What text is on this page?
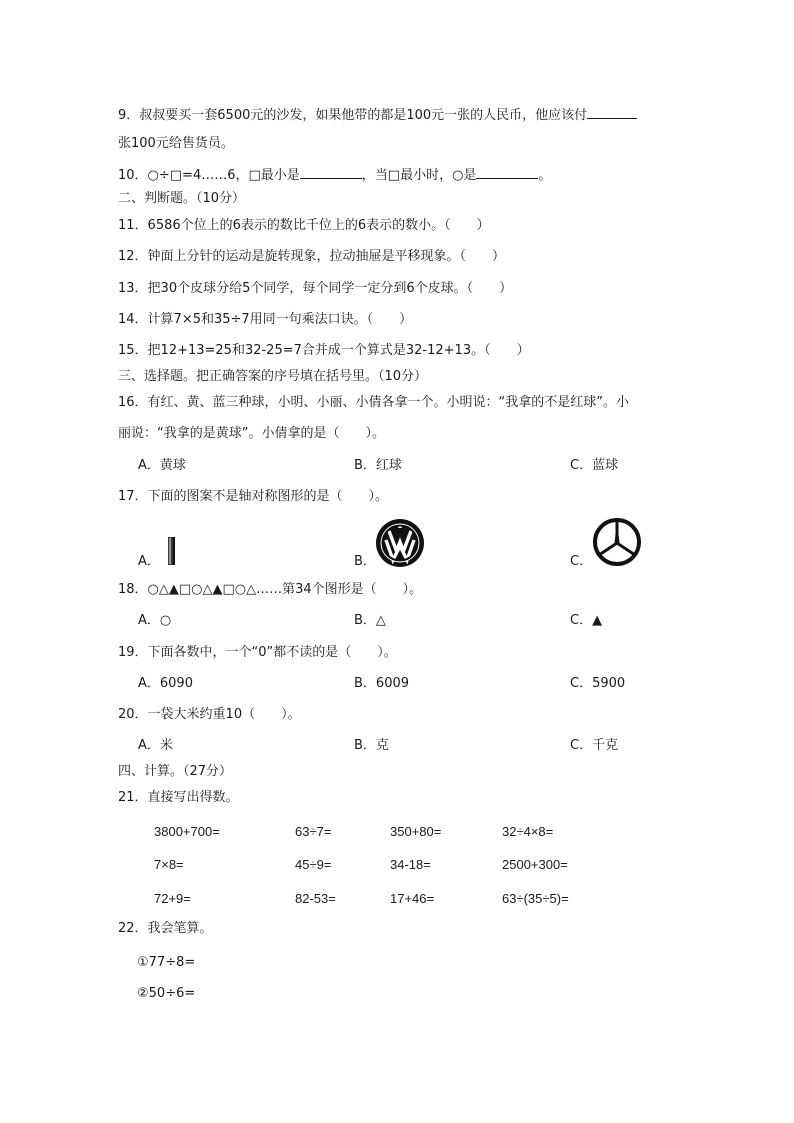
9．叔叔要买一套6500元的沙发，如果他带的都是100元一张的人民币，他应该付
张100元给售货员。
10．○÷□=4……6，□最小是	，当□最小时，○是	。
二、判断题。（10分）
11．6586个位上的6表示的数比千位上的6表示的数小。（　　）
12．钟面上分针的运动是旋转现象，拉动抽屉是平移现象。（　　）
13．把30个皮球分给5个同学，每个同学一定分到6个皮球。（　　）
14．计算7×5和35÷7用同一句乘法口诀。（　　）
15．把12+13=25和32-25=7合并成一个算式是32-12+13。（　　）
三、选择题。把正确答案的序号填在括号里。（10分）
16．有红、黄、蓝三种球，小明、小丽、小倩各拿一个。小明说：“我拿的不是红球”。小
丽说：“我拿的是黄球”。小倩拿的是（　　）。
A．黄球	B．红球	C．蓝球
17．下面的图案不是轴对称图形的是（　　）。
A．	B．	C．
18．○△▲□○△▲□○△……第34个图形是（　　）。
A．○	B．△	C．▲
19．下面各数中，一个“0”都不读的是（　　）。
A．6090	B．6009	C．5900
20．一袋大米约重10（　　）。
A．米	B．克	C．千克
四、计算。（27分）
21．直接写出得数。
3800+700=	63÷7=	350+80=	32÷4×8=
7×8=	45÷9=	34-18=	2500+300=
72+9=	82-53=	17+46=	63÷(35÷5)=
22．我会笔算。
①77÷8=
②50÷6=
